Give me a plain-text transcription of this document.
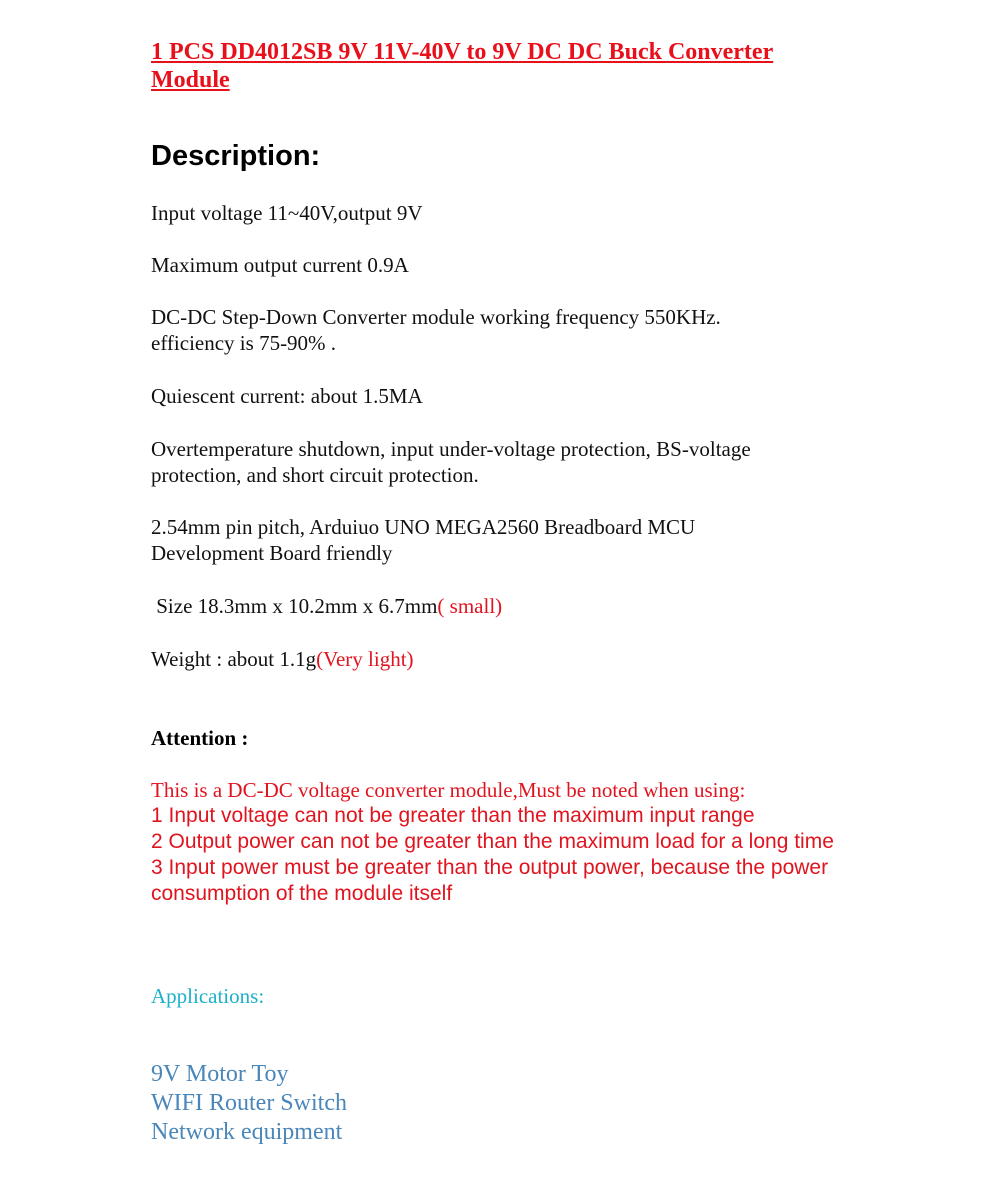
1 PCS DD4012SB 9V 11V-40V to 9V DC DC Buck Converter Module
Description:

Input voltage 11~40V,output 9V

Maximum output current 0.9A

DC-DC Step-Down Converter module working frequency 550KHz. efficiency is 75-90% .

Quiescent current: about 1.5MA

Overtemperature shutdown, input under-voltage protection, BS-voltage protection, and short circuit protection.

2.54mm pin pitch, Arduiuo UNO MEGA2560 Breadboard MCU Development Board friendly

Size 18.3mm x 10.2mm x 6.7mm( small)

Weight : about 1.1g(Very light)

Attention :

This is a DC-DC voltage converter module,Must be noted when using:

1 Input voltage can not be greater than the maximum input range
2 Output power can not be greater than the maximum load for a long time
3 Input power must be greater than the output power, because the power consumption of the module itself

Applications:

9V Motor Toy
WIFI Router Switch
Network equipment
